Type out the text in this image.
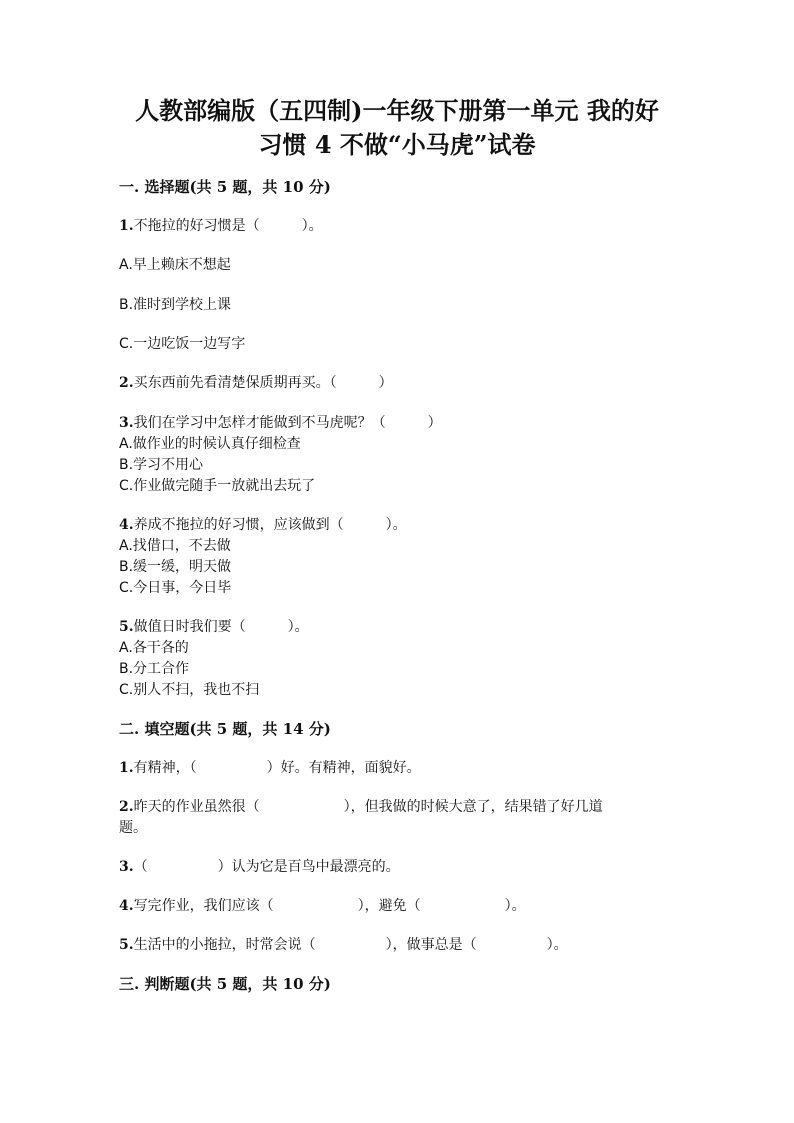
人教部编版（五四制)一年级下册第一单元 我的好
习惯 4 不做“小马虎”试卷
一. 选择题(共 5 题，共 10 分)
1.不拖拉的好习惯是（　　　）。
A.早上赖床不想起
B.准时到学校上课
C.一边吃饭一边写字
2.买东西前先看清楚保质期再买。（　　　）
3.我们在学习中怎样才能做到不马虎呢？（　　　）
A.做作业的时候认真仔细检查
B.学习不用心
C.作业做完随手一放就出去玩了
4.养成不拖拉的好习惯，应该做到（　　　）。
A.找借口，不去做
B.缓一缓，明天做
C.今日事，今日毕
5.做值日时我们要（　　　）。
A.各干各的
B.分工合作
C.别人不扫，我也不扫
二. 填空题(共 5 题，共 14 分)
1.有精神，（　　　　　）好。有精神，面貌好。
2.昨天的作业虽然很（　　　　　　），但我做的时候大意了，结果错了好几道
题。
3.（　　　　　）认为它是百鸟中最漂亮的。
4.写完作业，我们应该（　　　　　　），避免（　　　　　　）。
5.生活中的小拖拉，时常会说（　　　　　），做事总是（　　　　　）。
三. 判断题(共 5 题，共 10 分)
